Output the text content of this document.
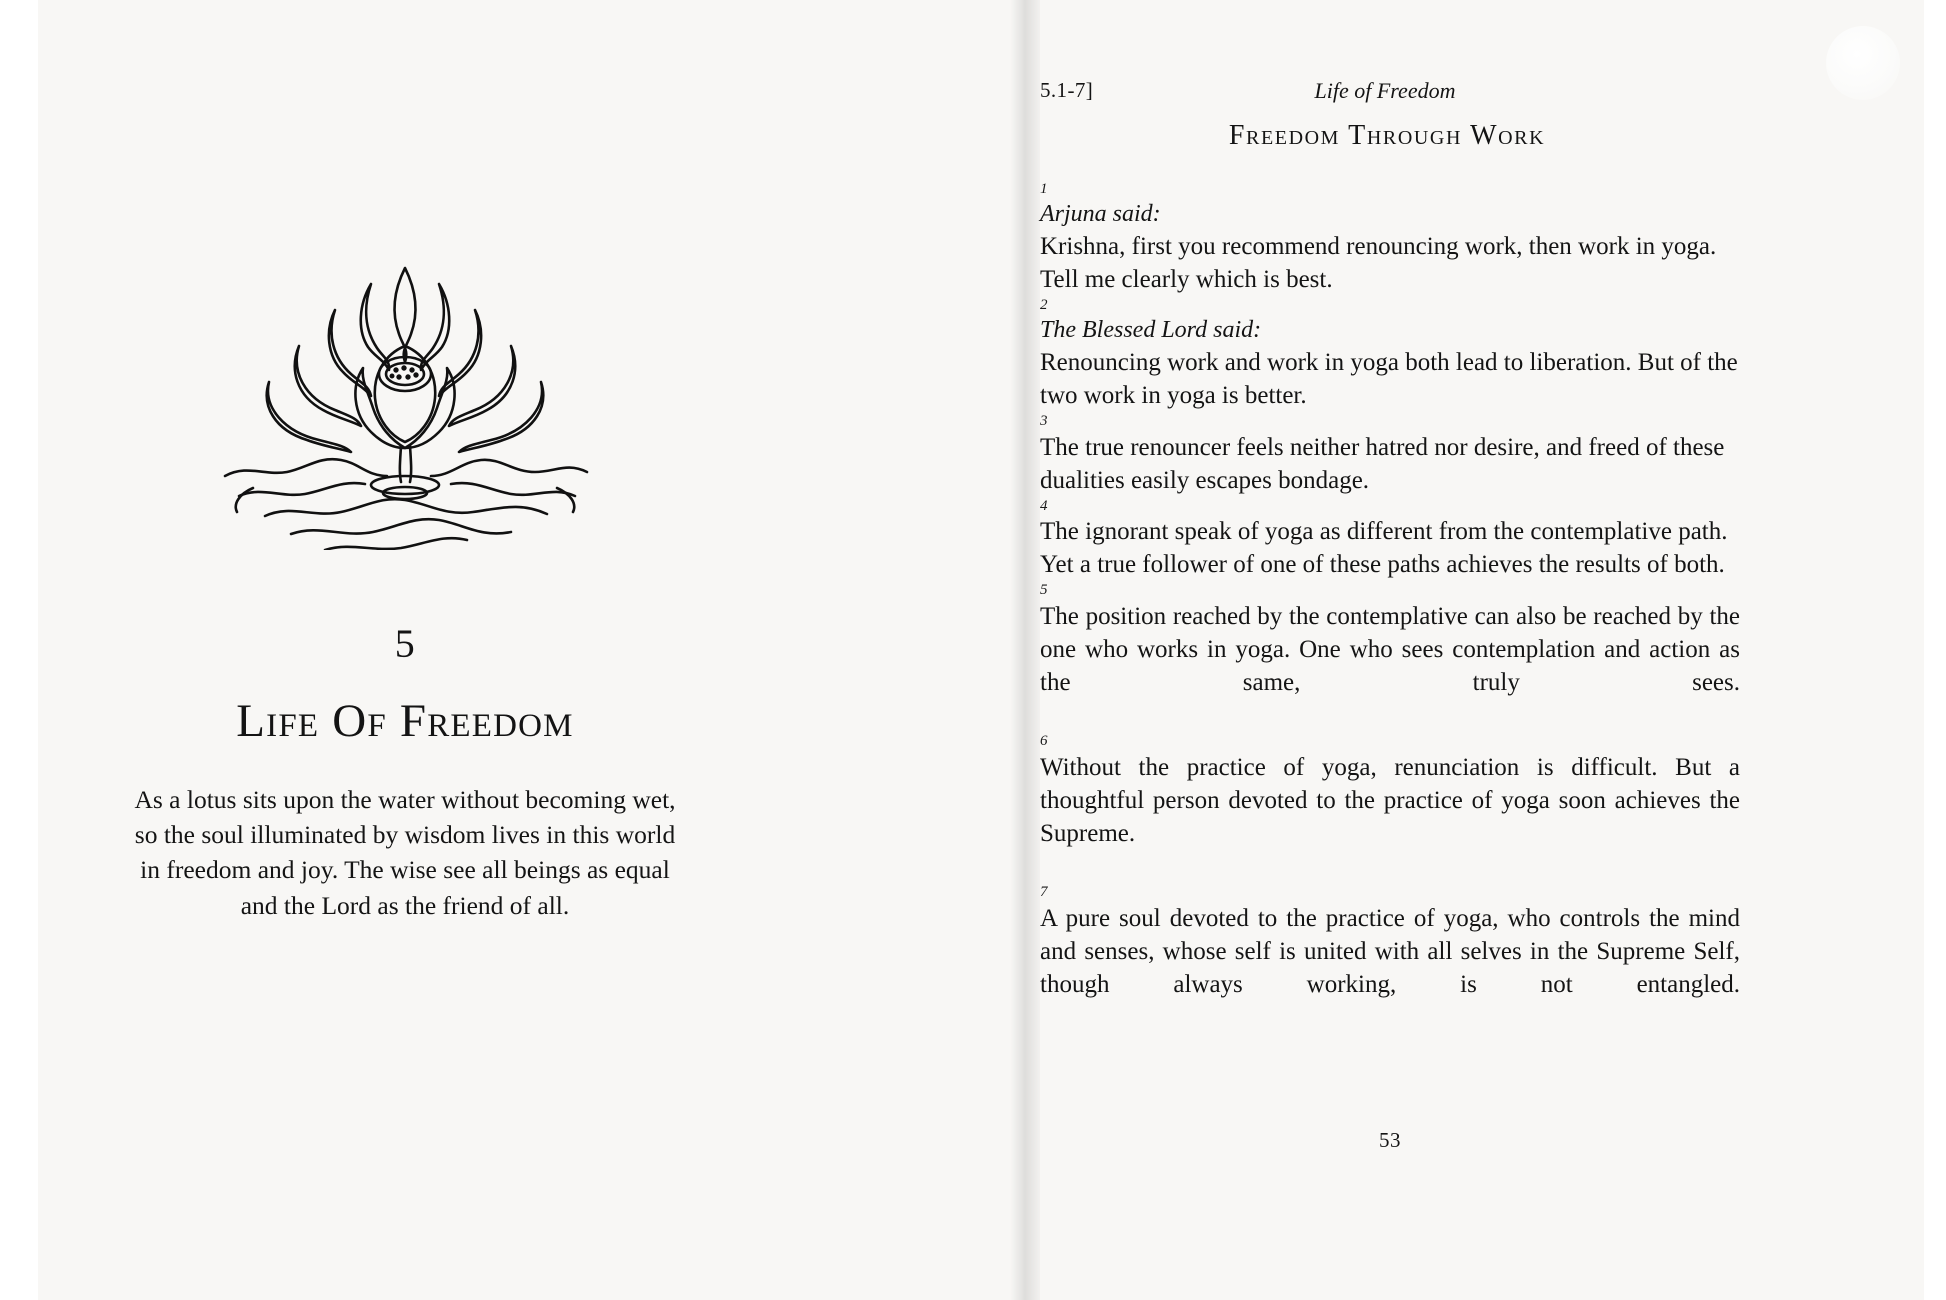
5
Life Of Freedom
As a lotus sits upon the water without becoming wet, so the soul illuminated by wisdom lives in this world in freedom and joy. The wise see all beings as equal and the Lord as the friend of all.
5.1-7]	Life of Freedom
Freedom Through Work
1
Arjuna said:
Krishna, first you recommend renouncing work, then work in yoga. Tell me clearly which is best.
2
The Blessed Lord said:
Renouncing work and work in yoga both lead to liberation. But of the two work in yoga is better.
3
The true renouncer feels neither hatred nor desire, and freed of these dualities easily escapes bondage.
4
The ignorant speak of yoga as different from the contemplative path. Yet a true follower of one of these paths achieves the results of both.
5
The position reached by the contemplative can also be reached by the one who works in yoga. One who sees contemplation and action as the same, truly sees.
6
Without the practice of yoga, renunciation is difficult. But a thoughtful person devoted to the practice of yoga soon achieves the Supreme.
7
A pure soul devoted to the practice of yoga, who controls the mind and senses, whose self is united with all selves in the Supreme Self, though always working, is not entangled.
53
